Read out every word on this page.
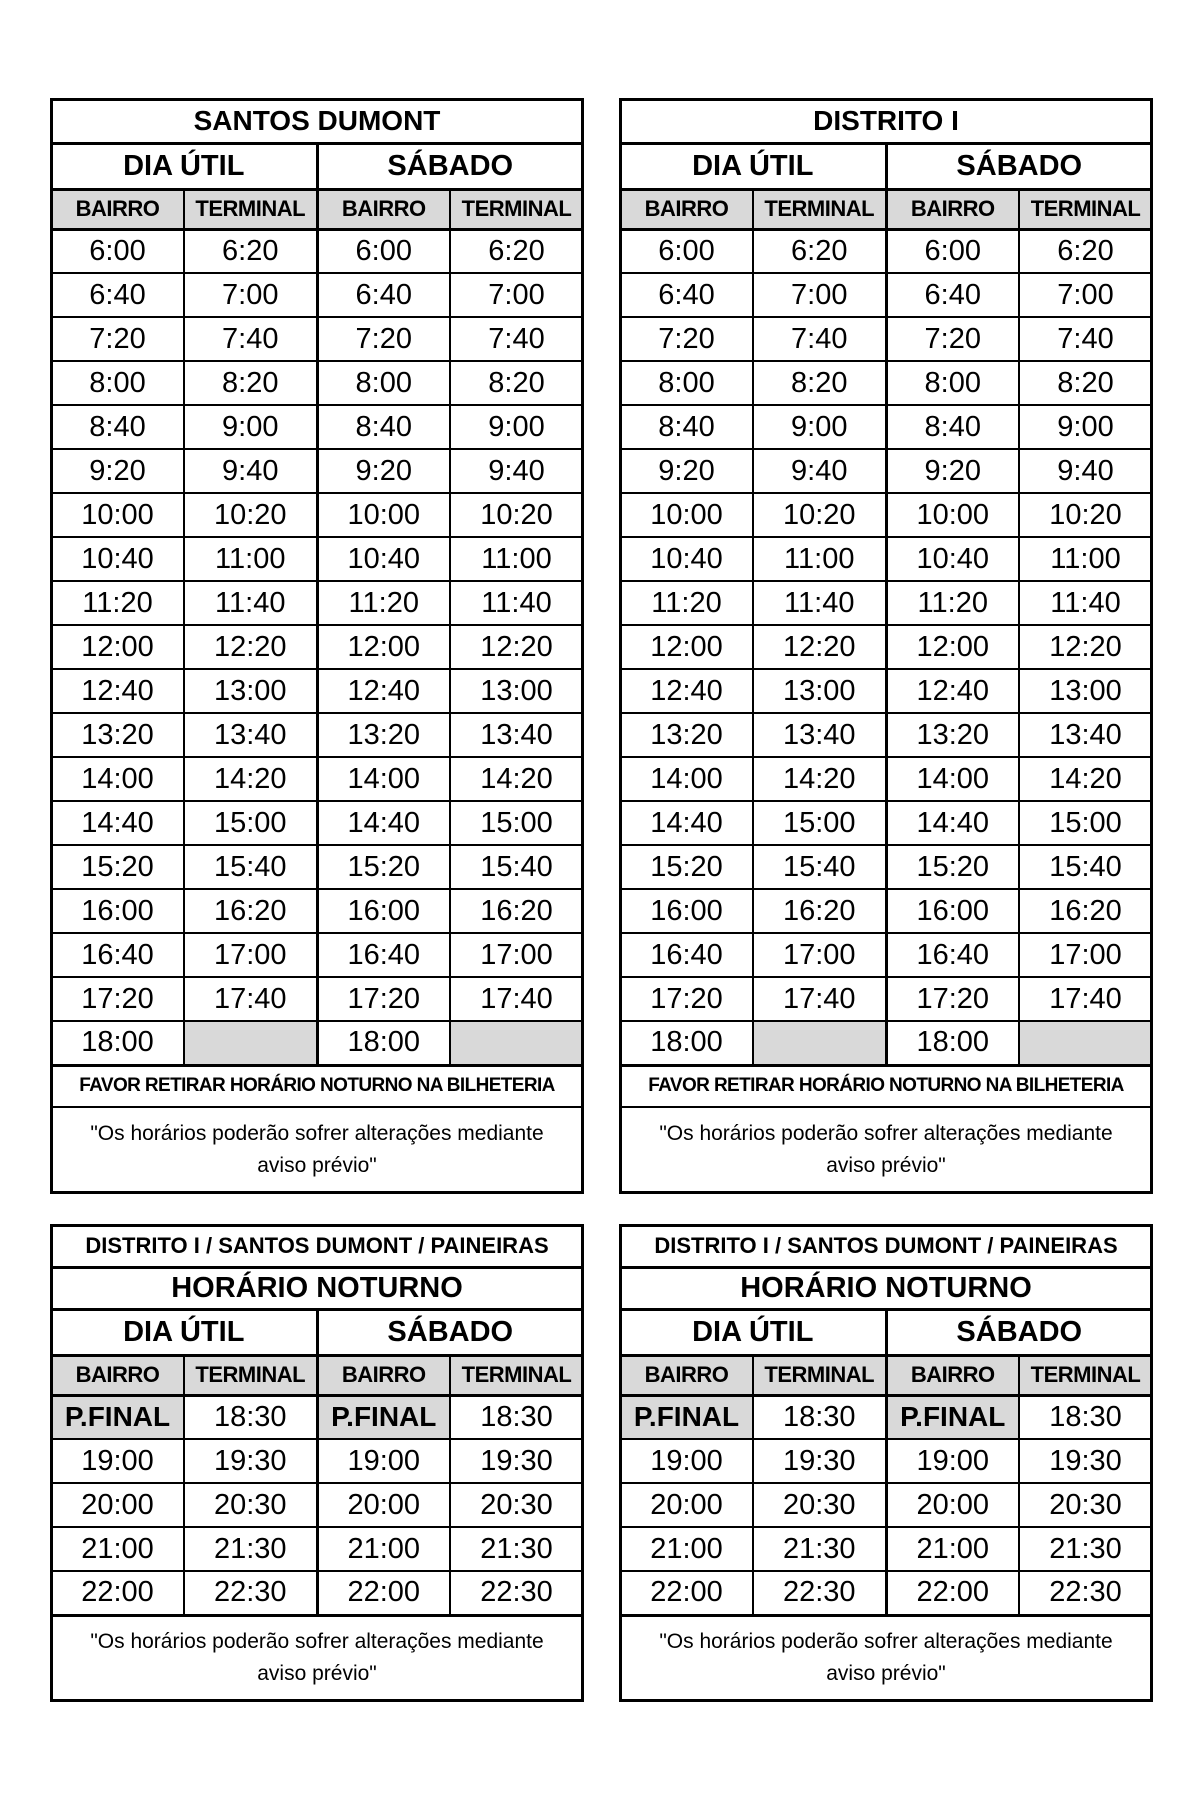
SANTOS DUMONT			
DIA ÚTIL		SÁBADO	
BAIRRO	TERMINAL	BAIRRO	TERMINAL
6:00	6:20	6:00	6:20
6:40	7:00	6:40	7:00
7:20	7:40	7:20	7:40
8:00	8:20	8:00	8:20
8:40	9:00	8:40	9:00
9:20	9:40	9:20	9:40
10:00	10:20	10:00	10:20
10:40	11:00	10:40	11:00
11:20	11:40	11:20	11:40
12:00	12:20	12:00	12:20
12:40	13:00	12:40	13:00
13:20	13:40	13:20	13:40
14:00	14:20	14:00	14:20
14:40	15:00	14:40	15:00
15:20	15:40	15:20	15:40
16:00	16:20	16:00	16:20
16:40	17:00	16:40	17:00
17:20	17:40	17:20	17:40
18:00		18:00	
FAVOR RETIRAR HORÁRIO NOTURNO NA BILHETERIA			
"Os horários poderão sofrer alterações mediante aviso prévio"			
DISTRITO I			
DIA ÚTIL		SÁBADO	
BAIRRO	TERMINAL	BAIRRO	TERMINAL
6:00	6:20	6:00	6:20
6:40	7:00	6:40	7:00
7:20	7:40	7:20	7:40
8:00	8:20	8:00	8:20
8:40	9:00	8:40	9:00
9:20	9:40	9:20	9:40
10:00	10:20	10:00	10:20
10:40	11:00	10:40	11:00
11:20	11:40	11:20	11:40
12:00	12:20	12:00	12:20
12:40	13:00	12:40	13:00
13:20	13:40	13:20	13:40
14:00	14:20	14:00	14:20
14:40	15:00	14:40	15:00
15:20	15:40	15:20	15:40
16:00	16:20	16:00	16:20
16:40	17:00	16:40	17:00
17:20	17:40	17:20	17:40
18:00		18:00	
FAVOR RETIRAR HORÁRIO NOTURNO NA BILHETERIA			
"Os horários poderão sofrer alterações mediante aviso prévio"			
DISTRITO I / SANTOS DUMONT / PAINEIRAS			
HORÁRIO NOTURNO			
DIA ÚTIL		SÁBADO	
BAIRRO	TERMINAL	BAIRRO	TERMINAL
P.FINAL	18:30	P.FINAL	18:30
19:00	19:30	19:00	19:30
20:00	20:30	20:00	20:30
21:00	21:30	21:00	21:30
22:00	22:30	22:00	22:30
"Os horários poderão sofrer alterações mediante aviso prévio"			
DISTRITO I / SANTOS DUMONT / PAINEIRAS			
HORÁRIO NOTURNO			
DIA ÚTIL		SÁBADO	
BAIRRO	TERMINAL	BAIRRO	TERMINAL
P.FINAL	18:30	P.FINAL	18:30
19:00	19:30	19:00	19:30
20:00	20:30	20:00	20:30
21:00	21:30	21:00	21:30
22:00	22:30	22:00	22:30
"Os horários poderão sofrer alterações mediante aviso prévio"			
